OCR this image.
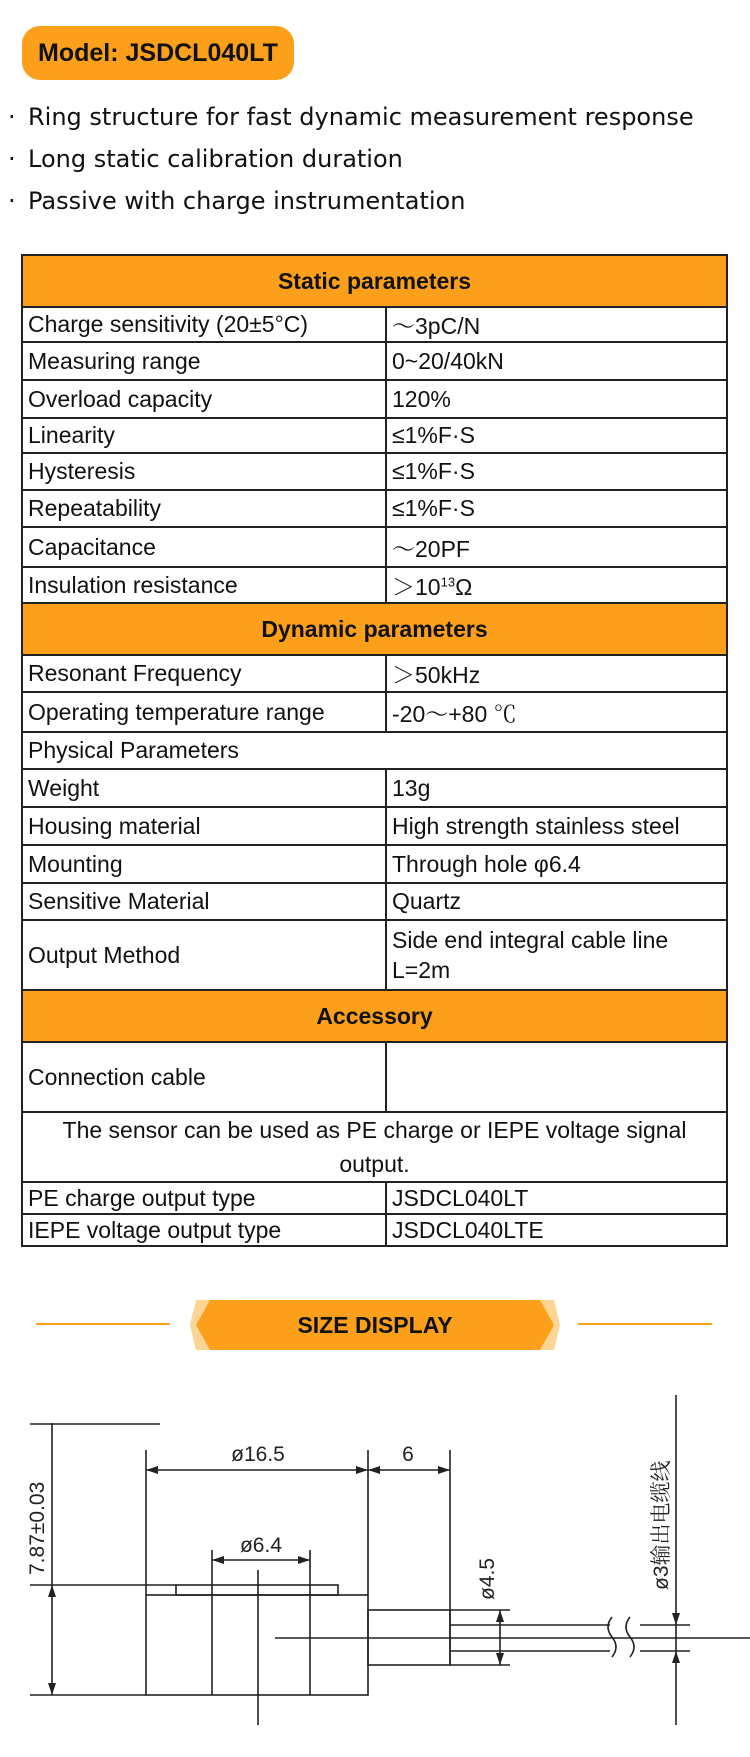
Model: JSDCL040LT
· Ring structure for fast dynamic measurement response
· Long static calibration duration
· Passive with charge instrumentation
Static parameters	
Charge sensitivity (20±5°C)	～3pC/N
Measuring range	0~20/40kN
Overload capacity	120%
Linearity	≤1%F·S
Hysteresis	≤1%F·S
Repeatability	≤1%F·S
Capacitance	～20PF
Insulation resistance	$>10^{13}\Omega$
Dynamic parameters	
Resonant Frequency	＞50kHz
Operating temperature range	-20～+80 ℃
Physical Parameters	
Weight	13g
Housing material	High strength stainless steel
Mounting	Through hole φ6.4
Sensitive Material	Quartz
Output Method	Side end integral cable line L=2m
Accessory	
Connection cable	
The sensor can be used as PE charge or IEPE voltage signal output.	
PE charge output type	JSDCL040LT
IEPE voltage output type	JSDCL040LTE
SIZE DISPLAY
ø16.5	6
ø6.4
7.87±0.03
ø4.5	ø3输出电缆线
